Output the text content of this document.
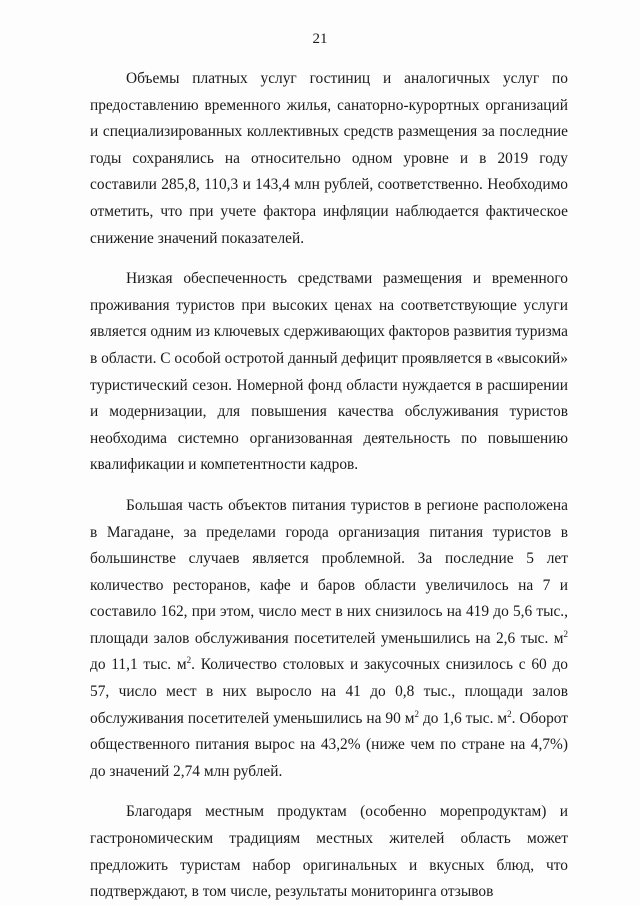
21

Объемы платных услуг гостиниц и аналогичных услуг по предоставлению временного жилья, санаторно-курортных организаций и специализированных коллективных средств размещения за последние годы сохранялись на относительно одном уровне и в 2019 году составили 285,8, 110,3 и 143,4 млн рублей, соответственно. Необходимо отметить, что при учете фактора инфляции наблюдается фактическое снижение значений показателей.

Низкая обеспеченность средствами размещения и временного проживания туристов при высоких ценах на соответствующие услуги является одним из ключевых сдерживающих факторов развития туризма в области. С особой остротой данный дефицит проявляется в «высокий» туристический сезон. Номерной фонд области нуждается в расширении и модернизации, для повышения качества обслуживания туристов необходима системно организованная деятельность по повышению квалификации и компетентности кадров.

Большая часть объектов питания туристов в регионе расположена в Магадане, за пределами города организация питания туристов в большинстве случаев является проблемной. За последние 5 лет количество ресторанов, кафе и баров области увеличилось на 7 и составило 162, при этом, число мест в них снизилось на 419 до 5,6 тыс., площади залов обслуживания посетителей уменьшились на 2,6 тыс. $м^2$ до 11,1 тыс. $м^2$. Количество столовых и закусочных снизилось с 60 до 57, число мест в них выросло на 41 до 0,8 тыс., площади залов обслуживания посетителей уменьшились на 90 $м^2$ до 1,6 тыс. $м^2$. Оборот общественного питания вырос на 43,2% (ниже чем по стране на 4,7%) до значений 2,74 млн рублей.

Благодаря местным продуктам (особенно морепродуктам) и гастрономическим традициям местных жителей область может предложить туристам набор оригинальных и вкусных блюд, что подтверждают, в том числе, результаты мониторинга отзывов
